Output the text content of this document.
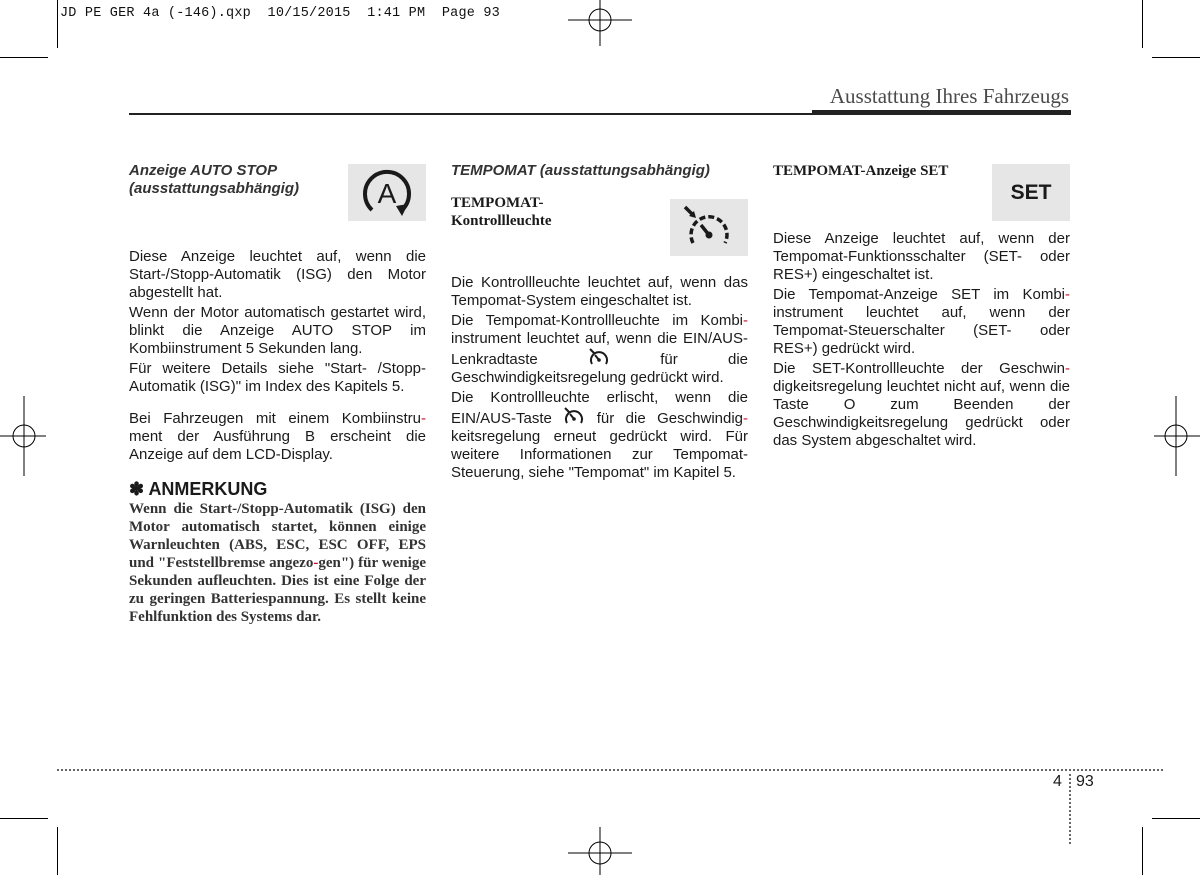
JD PE GER 4a (-146).qxp  10/15/2015  1:41 PM  Page 93
Ausstattung Ihres Fahrzeugs
Anzeige AUTO STOP
(ausstattungsabhängig)

Diese Anzeige leuchtet auf, wenn die Start-/Stopp-Automatik (ISG) den Motor abgestellt hat.

Wenn der Motor automatisch gestartet wird, blinkt die Anzeige AUTO STOP im Kombiinstrument 5 Sekunden lang.

Für weitere Details siehe "Start- /Stopp-Automatik (ISG)" im Index des Kapitels 5.

Bei Fahrzeugen mit einem Kombiinstru- ment der Ausführung B erscheint die Anzeige auf dem LCD-Display.

✽ ANMERKUNG

Wenn die Start-/Stopp-Automatik (ISG) den Motor automatisch startet, können einige Warnleuchten (ABS, ESC, ESC OFF, EPS und "Feststellbremse angezo-gen") für wenige Sekunden aufleuchten. Dies ist eine Folge der zu geringen Batteriespannung. Es stellt keine Fehlfunktion des Systems dar.

A
TEMPOMAT (ausstattungsabhängig)
TEMPOMAT-
Kontrollleuchte

Die Kontrollleuchte leuchtet auf, wenn das Tempomat-System eingeschaltet ist.

Die Tempomat-Kontrollleuchte im Kombi-instrument leuchtet auf, wenn die EIN/AUS-Lenkradtaste	für die Geschwindigkeitsregelung gedrückt wird.

Die Kontrollleuchte erlischt, wenn die EIN/AUS-Taste	für die Geschwindig-keitsregelung erneut gedrückt wird. Für weitere Informationen zur Tempomat-Steuerung, siehe "Tempomat" im Kapitel 5.

TEMPOMAT-Anzeige SET

Diese Anzeige leuchtet auf, wenn der Tempomat-Funktionsschalter (SET- oder RES+) eingeschaltet ist.

Die Tempomat-Anzeige SET im Kombi-instrument leuchtet auf, wenn der Tempomat-Steuerschalter (SET- oder RES+) gedrückt wird.

Die SET-Kontrollleuchte der Geschwin-digkeitsregelung leuchtet nicht auf, wenn die Taste O zum Beenden der Geschwindigkeitsregelung gedrückt oder das System abgeschaltet wird.

SET
4 93
